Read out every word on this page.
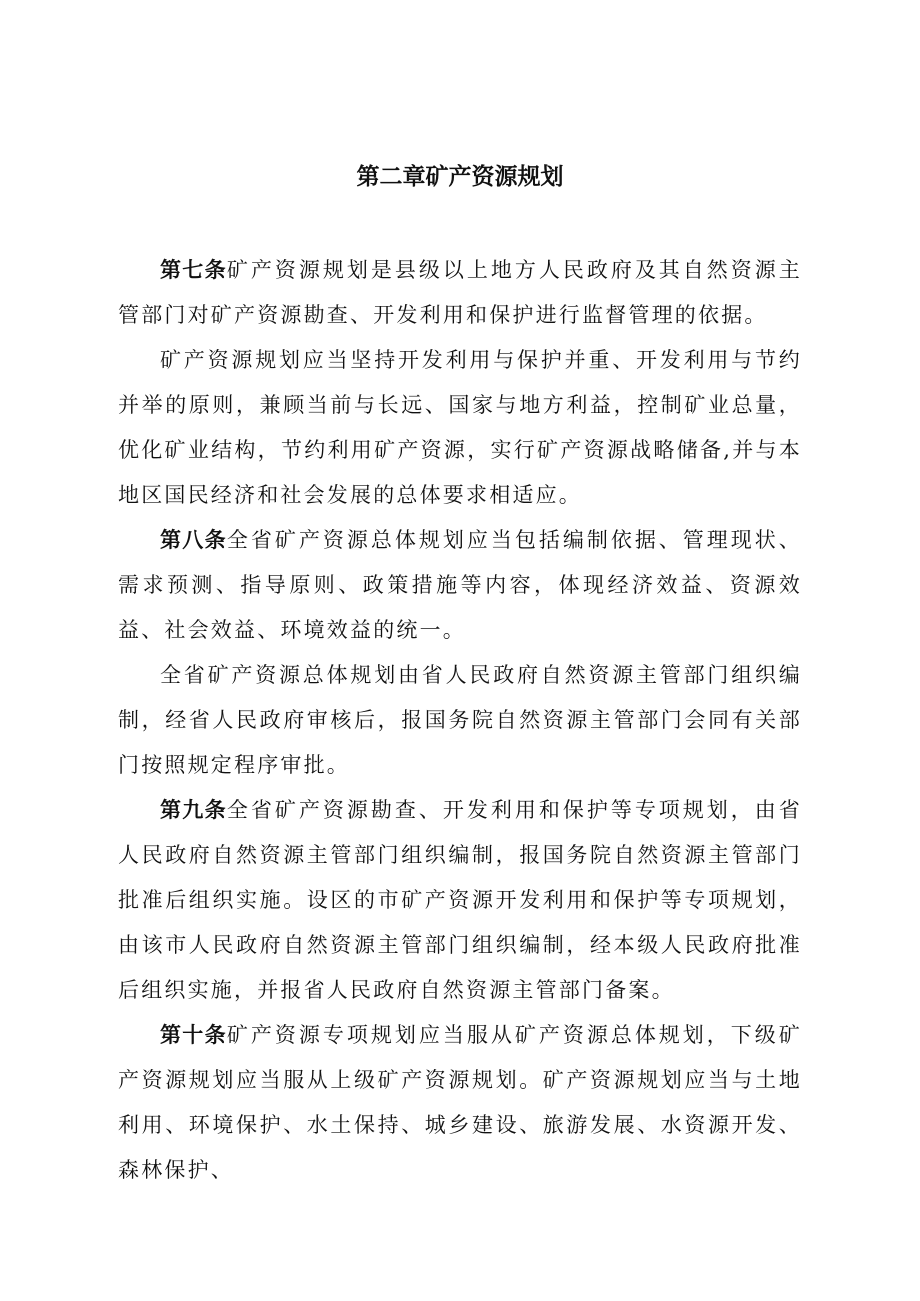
第二章矿产资源规划

第七条矿产资源规划是县级以上地方人民政府及其自然资源主管部门对矿产资源勘查、开发利用和保护进行监督管理的依据。

矿产资源规划应当坚持开发利用与保护并重、开发利用与节约并举的原则，兼顾当前与长远、国家与地方利益，控制矿业总量，优化矿业结构，节约利用矿产资源，实行矿产资源战略储备,并与本地区国民经济和社会发展的总体要求相适应。

第八条全省矿产资源总体规划应当包括编制依据、管理现状、需求预测、指导原则、政策措施等内容，体现经济效益、资源效益、社会效益、环境效益的统一。

全省矿产资源总体规划由省人民政府自然资源主管部门组织编制，经省人民政府审核后，报国务院自然资源主管部门会同有关部门按照规定程序审批。

第九条全省矿产资源勘查、开发利用和保护等专项规划，由省人民政府自然资源主管部门组织编制，报国务院自然资源主管部门批准后组织实施。设区的市矿产资源开发利用和保护等专项规划，由该市人民政府自然资源主管部门组织编制，经本级人民政府批准后组织实施，并报省人民政府自然资源主管部门备案。

第十条矿产资源专项规划应当服从矿产资源总体规划，下级矿产资源规划应当服从上级矿产资源规划。矿产资源规划应当与土地利用、环境保护、水土保持、城乡建设、旅游发展、水资源开发、森林保护、
